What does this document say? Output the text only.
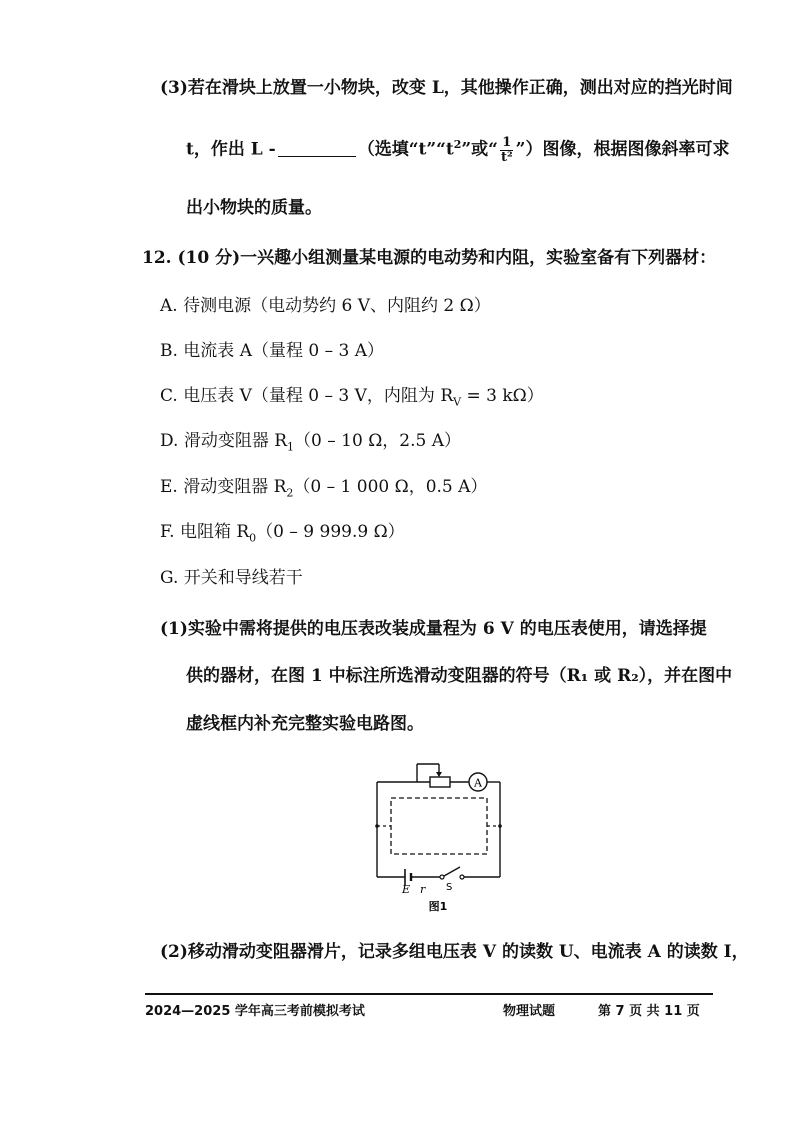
(3)若在滑块上放置一小物块，改变 L，其他操作正确，测出对应的挡光时间
t，作出 L -	（选填“$t”“t^2$”或“ $\frac{1}{\text{t²}}$ ”）图像，根据图像斜率可求
出小物块的质量。
12. (10 分)一兴趣小组测量某电源的电动势和内阻，实验室备有下列器材：
A. 待测电源（电动势约 6 V、内阻约 2 Ω）
B. 电流表 A（量程 0 – 3 A）
C. 电压表 V（量程 0 – 3 V，内阻为 $R_V = 3$ kΩ）
D. 滑动变阻器 $R_1(0 - 10$ Ω，2.5 A）
E. 滑动变阻器 $R_2(0 - 1$ 000 Ω，0.5 A）
F. 电阻箱 $R_0(0 - 9$ 999.9 Ω）
G. 开关和导线若干
(1)实验中需将提供的电压表改装成量程为 6 V 的电压表使用，请选择提
供的器材，在图 1 中标注所选滑动变阻器的符号（R₁ 或 R₂），并在图中
虚线框内补充完整实验电路图。
A
E r S
图1
(2)移动滑动变阻器滑片，记录多组电压表 V 的读数 U、电流表 A 的读数 I，
2024—2025 学年高三考前模拟考试	物理试题	第 7 页 共 11 页
